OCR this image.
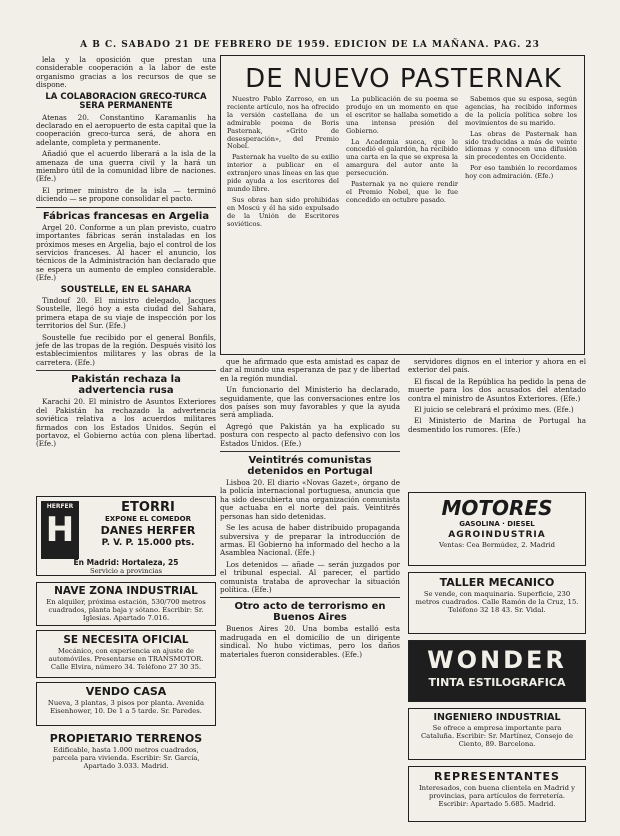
A B C. SABADO 21 DE FEBRERO DE 1959. EDICION DE LA MAÑANA. PAG. 23

lela y la oposición que prestan una considerable cooperación a la labor de este organismo gracias a los recursos de que se dispone.

LA COLABORACION GRECO-TURCA SERA PERMANENTE

Atenas 20. Constantino Karamanlis ha declarado en el aeropuerto de esta capital que la cooperación greco-turca será, de ahora en adelante, completa y permanente.

Añadió que el acuerdo liberará a la isla de la amenaza de una guerra civil y la hará un miembro útil de la comunidad libre de naciones. (Efe.)

El primer ministro de la isla — terminó diciendo — se propone consolidar el pacto.

Fábricas francesas en Argelia

Argel 20. Conforme a un plan previsto, cuatro importantes fábricas serán instaladas en los próximos meses en Argelia, bajo el control de los servicios franceses. Al hacer el anuncio, los técnicos de la Administración han declarado que se espera un aumento de empleo considerable. (Efe.)

SOUSTELLE, EN EL SAHARA

Tindouf 20. El ministro delegado, Jacques Soustelle, llegó hoy a esta ciudad del Sahara, primera etapa de su viaje de inspección por los territorios del Sur. (Efe.)

Soustelle fue recibido por el general Bonfils, jefe de las tropas de la región. Después visitó los establecimientos militares y las obras de la carretera. (Efe.)

Pakistán rechaza la advertencia rusa

Karachi 20. El ministro de Asuntos Exteriores del Pakistán ha rechazado la advertencia soviética relativa a los acuerdos militares firmados con los Estados Unidos. Según el portavoz, el Gobierno actúa con plena libertad. (Efe.)

HERFER
H
ETORRI
EXPONE EL COMEDOR
DANES HERFER
P. V. P. 15.000 pts.
En Madrid: Hortaleza, 25
Servicio a provincias
NAVE ZONA INDUSTRIAL
En alquiler, próxima estación, 530/700 metros cuadrados, planta baja y sótano. Escribir: Sr. Iglesias. Apartado 7.016.
SE NECESITA OFICIAL
Mecánico, con experiencia en ajuste de automóviles. Presentarse en TRANSMOTOR. Calle Elvira, número 34. Teléfono 27 30 35.
VENDO CASA
Nueva, 3 plantas, 3 pisos por planta. Avenida Eisenhower, 10. De 1 a 5 tarde. Sr. Paredes.
PROPIETARIO TERRENOS
Edificable, hasta 1.000 metros cuadrados, parcela para vivienda. Escribir: Sr. García, Apartado 3.033. Madrid.
DE NUEVO PASTERNAK

Nuestro Pablo Zarroso, en un reciente artículo, nos ha ofrecido la versión castellana de un admirable poema de Boris Pasternak, «Grito de desesperación», del Premio Nobel.

Pasternak ha vuelto de su exilio interior a publicar en el extranjero unas líneas en las que pide ayuda a los escritores del mundo libre.

Sus obras han sido prohibidas en Moscú y él ha sido expulsado de la Unión de Escritores soviéticos.

La publicación de su poema se produjo en un momento en que el escritor se hallaba sometido a una intensa presión del Gobierno.

La Academia sueca, que le concedió el galardón, ha recibido una carta en la que se expresa la amargura del autor ante la persecución.

Pasternak ya no quiere rendir el Premio Nobel, que le fue concedido en octubre pasado.

Sabemos que su esposa, según agencias, ha recibido informes de la policía política sobre los movimientos de su marido.

Las obras de Pasternak han sido traducidas a más de veinte idiomas y conocen una difusión sin precedentes en Occidente.

Por eso también lo recordamos hoy con admiración. (Efe.)

que he afirmado que esta amistad es capaz de dar al mundo una esperanza de paz y de libertad en la región mundial.

Un funcionario del Ministerio ha declarado, seguidamente, que las conversaciones entre los dos países son muy favorables y que la ayuda será ampliada.

Agregó que Pakistán ya ha explicado su postura con respecto al pacto defensivo con los Estados Unidos. (Efe.)

Veintitrés comunistas detenidos en Portugal

Lisboa 20. El diario «Novas Gazet», órgano de la policía internacional portuguesa, anuncia que ha sido descubierta una organización comunista que actuaba en el norte del país. Veintitrés personas han sido detenidas.

Se les acusa de haber distribuido propaganda subversiva y de preparar la introducción de armas. El Gobierno ha informado del hecho a la Asamblea Nacional. (Efe.)

Los detenidos — añade — serán juzgados por el tribunal especial. Al parecer, el partido comunista trataba de aprovechar la situación política. (Efe.)

Otro acto de terrorismo en Buenos Aires

Buenos Aires 20. Una bomba estalló esta madrugada en el domicilio de un dirigente sindical. No hubo víctimas, pero los daños materiales fueron considerables. (Efe.)

servidores dignos en el interior y ahora en el exterior del país.

El fiscal de la República ha pedido la pena de muerte para los dos acusados del atentado contra el ministro de Asuntos Exteriores. (Efe.)

El juicio se celebrará el próximo mes. (Efe.)

El Ministerio de Marina de Portugal ha desmentido los rumores. (Efe.)

MOTORES
GASOLINA · DIESEL
AGROINDUSTRIA
Ventas: Cea Bermúdez, 2. Madrid
TALLER MECANICO
Se vende, con maquinaria. Superficie, 230 metros cuadrados. Calle Ramón de la Cruz, 15. Teléfono 32 18 43. Sr. Vidal.
WONDER
TINTA ESTILOGRAFICA
INGENIERO INDUSTRIAL
Se ofrece a empresa importante para Cataluña. Escribir: Sr. Martínez, Consejo de Ciento, 89. Barcelona.
REPRESENTANTES
Interesados, con buena clientela en Madrid y provincias, para artículos de ferretería. Escribir: Apartado 5.685. Madrid.
